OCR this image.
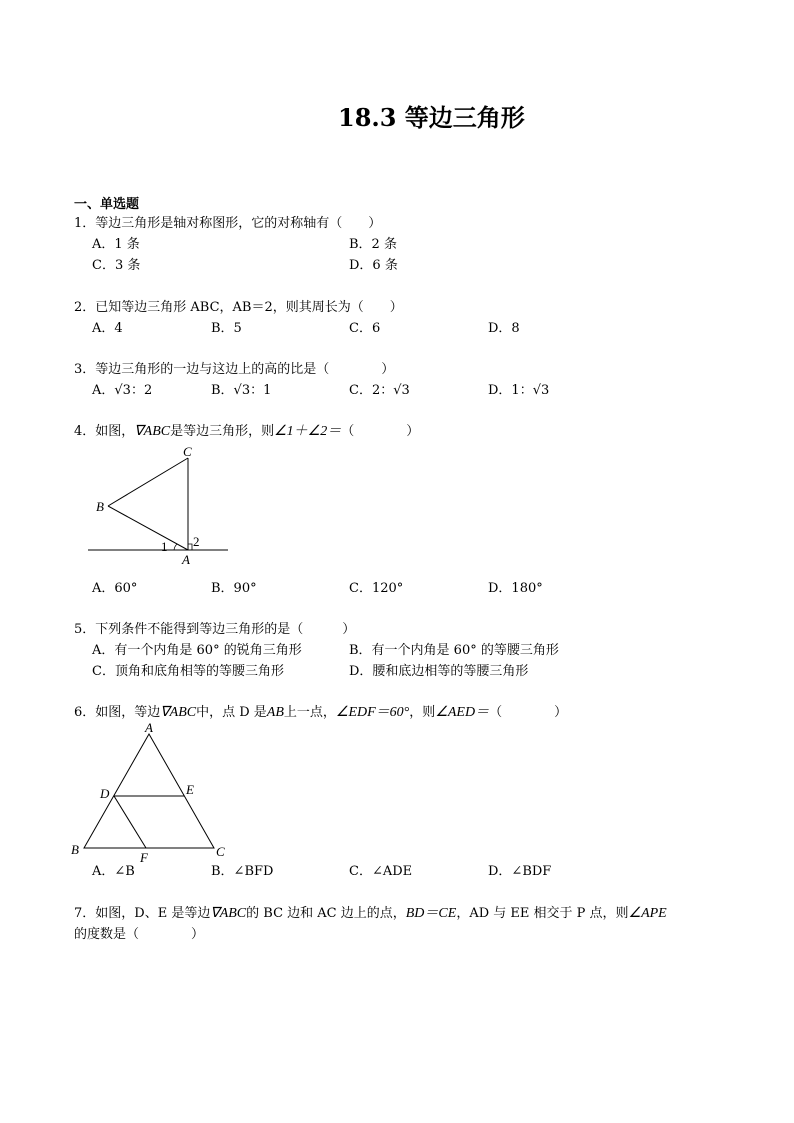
18.3 等边三角形
一、单选题
1．等边三角形是轴对称图形，它的对称轴有（　　）
A．1 条	B．2 条
C．3 条	D．6 条
2．已知等边三角形 ABC，AB＝2，则其周长为（　　）
A．4	B．5	C．6	D．8
3．等边三角形的一边与这边上的高的比是（　　　　）
A．√3：2	B．√3：1	C．2：√3	D．1：√3
4．如图，∇ABC是等边三角形，则∠1＋∠2＝（　　　　）
C
B
1 2
A
A．60°	B．90°	C．120°	D．180°
5．下列条件不能得到等边三角形的是（　　　）
A．有一个内角是 60° 的锐角三角形	B．有一个内角是 60° 的等腰三角形
C．顶角和底角相等的等腰三角形	D．腰和底边相等的等腰三角形
6．如图，等边∇ABC中，点 D 是AB上一点，∠EDF＝60°，则∠AED＝（　　　　）
A
D	E
B
F	C
A．∠B	B．∠BFD	C．∠ADE	D．∠BDF
7．如图，D、E 是等边∇ABC的 BC 边和 AC 边上的点，BD＝CE，AD 与 EE 相交于 P 点，则∠APE
的度数是（　　　　）
